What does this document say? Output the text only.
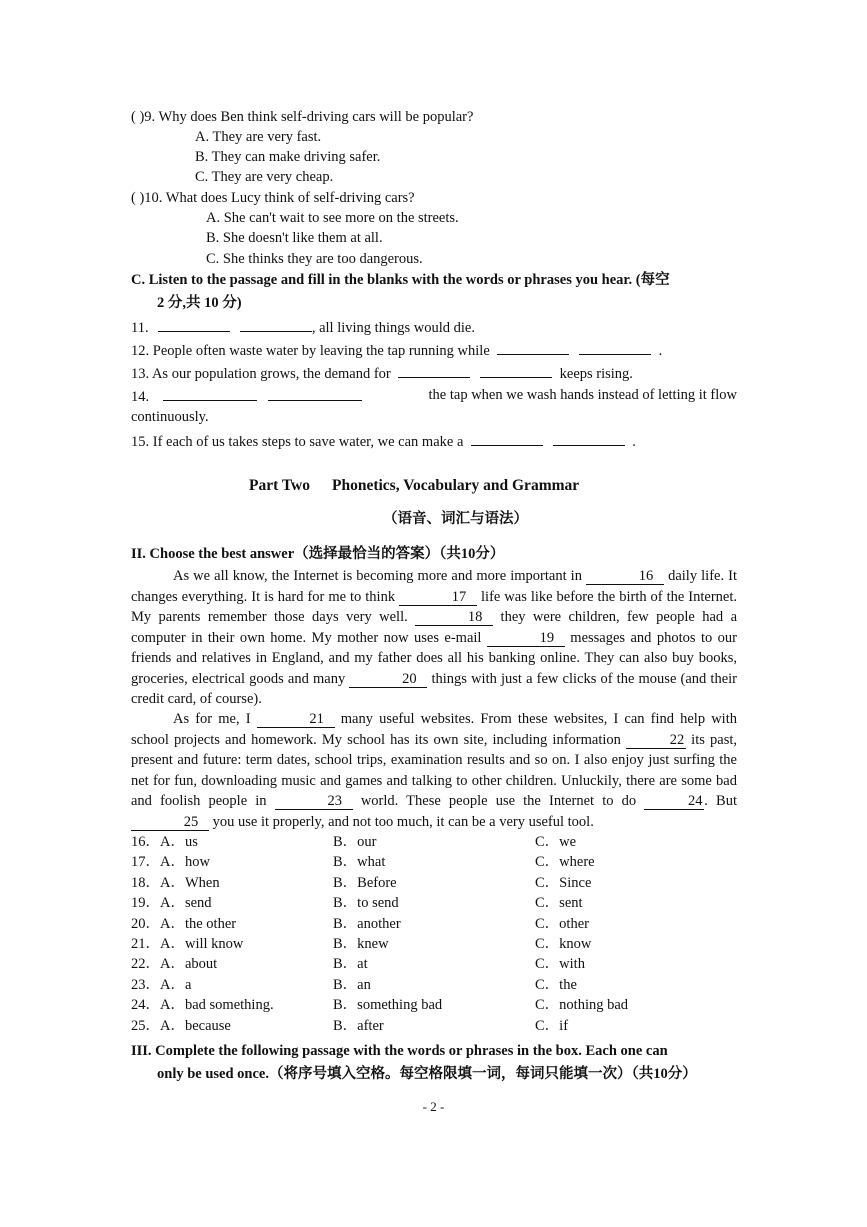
( )9. Why does Ben think self-driving cars will be popular?
A. They are very fast.
B. They can make driving safer.
C. They are very cheap.
( )10. What does Lucy think of self-driving cars?
A. She can't wait to see more on the streets.
B. She doesn't like them at all.
C. She thinks they are too dangerous.
C. Listen to the passage and fill in the blanks with the words or phrases you hear. (每空
2 分,共 10 分)
11.	, all living things would die.
12. People often waste water by leaving the tap running while	.
13. As our population grows, the demand for	keeps rising.
14.	the tap when we wash hands instead of letting it flow
continuously.
15. If each of us takes steps to save water, we can make a	.
Part Two Phonetics, Vocabulary and Grammar
（语音、词汇与语法）
II. Choose the best answer（选择最恰当的答案）（共10分）
As we all know, the Internet is becoming more and more important in	16 daily life. It changes everything. It is hard for me to think	17 life was like before the birth of the Internet. My parents remember those days very well.	18 they were children, few people had a computer in their own home. My mother now uses e-mail	19 messages and photos to our friends and relatives in England, and my father does all his banking online. They can also buy books, groceries, electrical goods and many	20 things with just a few clicks of the mouse (and their credit card, of course).
As for me, I	21 many useful websites. From these websites, I can find help with school projects and homework. My school has its own site, including information	22 its past, present and future: term dates, school trips, examination results and so on. I also enjoy just surfing the net for fun, downloading music and games and talking to other children. Unluckily, there are some bad and foolish people in	23 world. These people use the Internet to do	24 . But 25 you use it properly, and not too much, it can be a very useful tool.
16．A．us	B．our	C．we
17．A．how	B．what	C．where
18．A．When	B．Before	C．Since
19．A．send	B．to send	C．sent
20．A．the other	B．another	C．other
21．A．will know	B．knew	C．know
22．A．about	B．at	C．with
23．A．a	B．an	C．the
24．A．bad something.	B．something bad	C．nothing bad
25．A．because	B．after	C．if
III. Complete the following passage with the words or phrases in the box. Each one can
only be used once.（将序号填入空格。每空格限填一词，每词只能填一次）（共10分）
- 2 -
